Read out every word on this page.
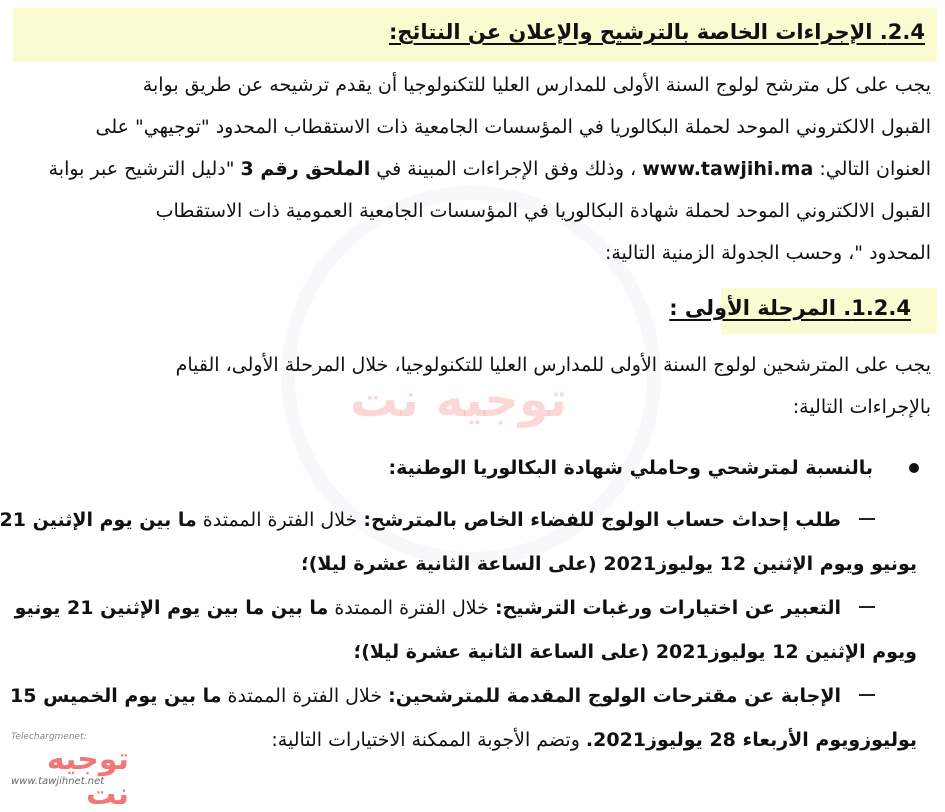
توجيه نت
2.4. الإجراءات الخاصة بالترشيح والإعلان عن النتائج:

يجب على كل مترشح لولوج السنة الأولى للمدارس العليا للتكنولوجيا أن يقدم ترشيحه عن طريق بوابة

القبول الالكتروني الموحد لحملة البكالوريا في المؤسسات الجامعية ذات الاستقطاب المحدود "توجيهي" على

العنوان التالي: www.tawjihi.ma ، وذلك وفق الإجراءات المبينة في الملحق رقم 3 "دليل الترشيح عبر بوابة

القبول الالكتروني الموحد لحملة شهادة البكالوريا في المؤسسات الجامعية العمومية ذات الاستقطاب

المحدود "، وحسب الجدولة الزمنية التالية:

1.2.4. المرحلة الأولى :

يجب على المترشحين لولوج السنة الأولى للمدارس العليا للتكنولوجيا، خلال المرحلة الأولى، القيام

بالإجراءات التالية:

بالنسبة لمترشحي وحاملي شهادة البكالوريا الوطنية:

طلب إحداث حساب الولوج للفضاء الخاص بالمترشح: خلال الفترة الممتدة ما بين يوم الإثنين 21

يونيو ويوم الإثنين 12 يوليوز2021 (على الساعة الثانية عشرة ليلا)؛

التعبير عن اختيارات ورغبات الترشيح: خلال الفترة الممتدة ما بين ما بين يوم الإثنين 21 يونيو

ويوم الإثنين 12 يوليوز2021 (على الساعة الثانية عشرة ليلا)؛

الإجابة عن مقترحات الولوج المقدمة للمترشحين: خلال الفترة الممتدة ما بين يوم الخميس 15

يوليوزويوم الأربعاء 28 يوليوز2021. وتضم الأجوبة الممكنة الاختيارات التالية:

Telechargmenet:
توجيه نت
www.tawjihnet.net
